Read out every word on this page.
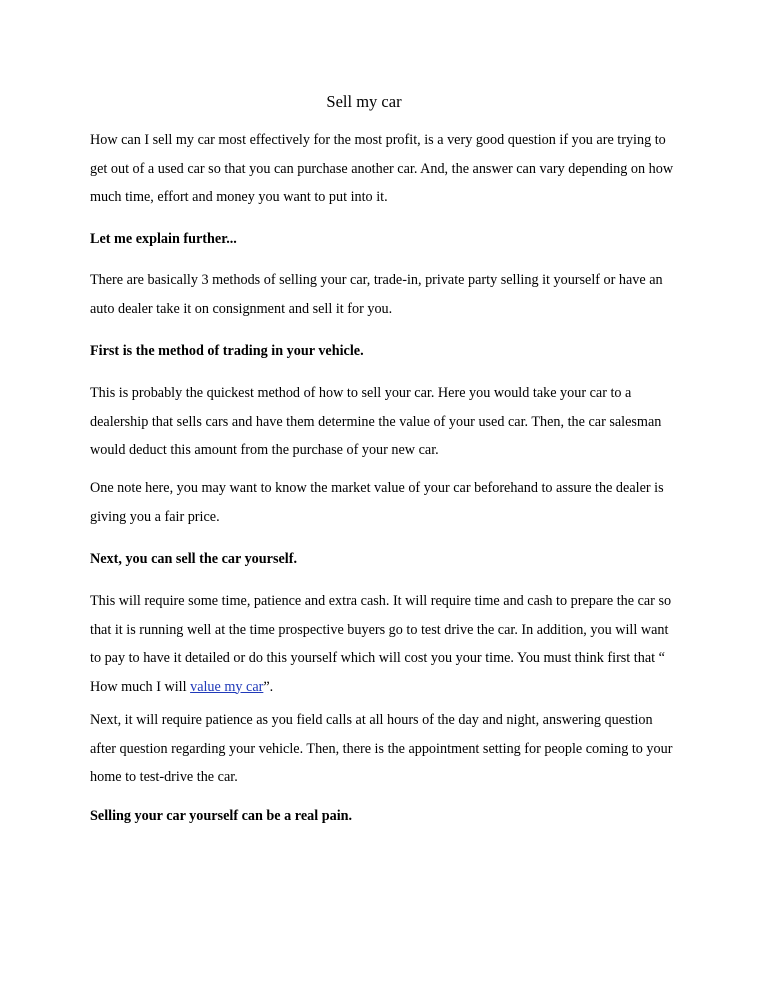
Sell my car

How can I sell my car most effectively for the most profit, is a very good question if you are trying to get out of a used car so that you can purchase another car. And, the answer can vary depending on how much time, effort and money you want to put into it.

Let me explain further...

There are basically 3 methods of selling your car, trade-in, private party selling it yourself or have an auto dealer take it on consignment and sell it for you.

First is the method of trading in your vehicle.

This is probably the quickest method of how to sell your car. Here you would take your car to a dealership that sells cars and have them determine the value of your used car. Then, the car salesman would deduct this amount from the purchase of your new car.

One note here, you may want to know the market value of your car beforehand to assure the dealer is giving you a fair price.

Next, you can sell the car yourself.

This will require some time, patience and extra cash. It will require time and cash to prepare the car so that it is running well at the time prospective buyers go to test drive the car. In addition, you will want to pay to have it detailed or do this yourself which will cost you your time. You must think first that “ How much I will value my car”.

Next, it will require patience as you field calls at all hours of the day and night, answering question after question regarding your vehicle. Then, there is the appointment setting for people coming to your home to test-drive the car.

Selling your car yourself can be a real pain.
